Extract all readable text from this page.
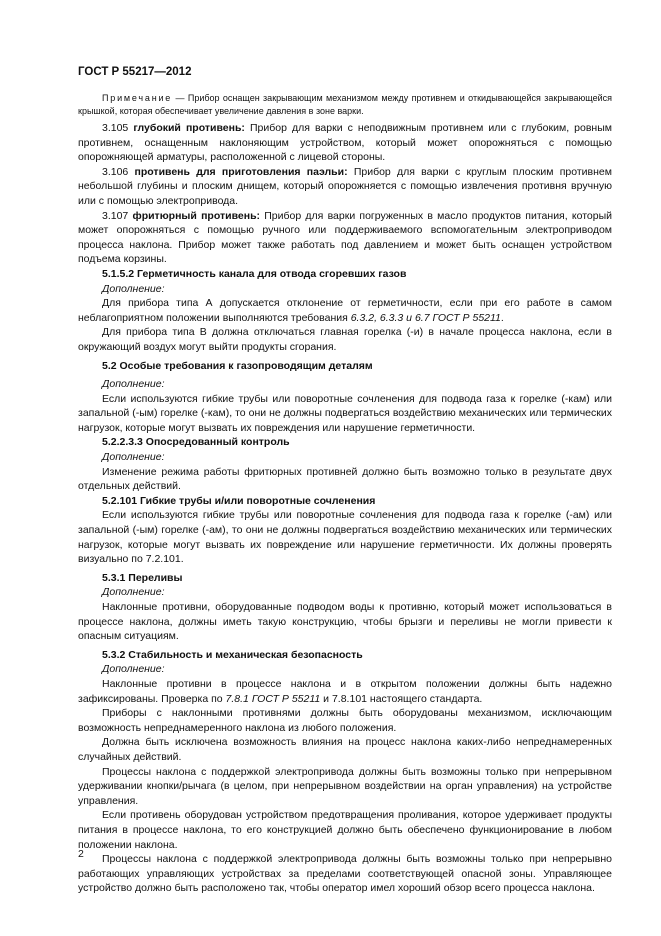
ГОСТ Р 55217—2012

Примечание — Прибор оснащен закрывающим механизмом между противнем и откидывающейся закрывающейся крышкой, которая обеспечивает увеличение давления в зоне варки.

3.105 глубокий противень: Прибор для варки с неподвижным противнем или с глубоким, ровным противнем, оснащенным наклоняющим устройством, который может опорожняться с помощью опорожняющей арматуры, расположенной с лицевой стороны.

3.106 противень для приготовления паэльи: Прибор для варки с круглым плоским противнем небольшой глубины и плоским днищем, который опорожняется с помощью извлечения противня вручную или с помощью электропривода.

3.107 фритюрный противень: Прибор для варки погруженных в масло продуктов питания, который может опорожняться с помощью ручного или поддерживаемого вспомогательным электроприводом процесса наклона. Прибор может также работать под давлением и может быть оснащен устройством подъема корзины.

5.1.5.2 Герметичность канала для отвода сгоревших газов

Дополнение:

Для прибора типа А допускается отклонение от герметичности, если при его работе в самом неблагоприятном положении выполняются требования 6.3.2, 6.3.3 и 6.7 ГОСТ Р 55211.

Для прибора типа В должна отключаться главная горелка (-и) в начале процесса наклона, если в окружающий воздух могут выйти продукты сгорания.

5.2 Особые требования к газопроводящим деталям

Дополнение:

Если используются гибкие трубы или поворотные сочленения для подвода газа к горелке (-кам) или запальной (-ым) горелке (-кам), то они не должны подвергаться воздействию механических или термических нагрузок, которые могут вызвать их повреждения или нарушение герметичности.

5.2.2.3.3 Опосредованный контроль

Дополнение:

Изменение режима работы фритюрных противней должно быть возможно только в результате двух отдельных действий.

5.2.101 Гибкие трубы и/или поворотные сочленения

Если используются гибкие трубы или поворотные сочленения для подвода газа к горелке (-ам) или запальной (-ым) горелке (-ам), то они не должны подвергаться воздействию механических или термических нагрузок, которые могут вызвать их повреждение или нарушение герметичности. Их должны проверять визуально по 7.2.101.

5.3.1 Переливы

Дополнение:

Наклонные противни, оборудованные подводом воды к противню, который может использоваться в процессе наклона, должны иметь такую конструкцию, чтобы брызги и переливы не могли привести к опасным ситуациям.

5.3.2 Стабильность и механическая безопасность

Дополнение:

Наклонные противни в процессе наклона и в открытом положении должны быть надежно зафиксированы. Проверка по 7.8.1 ГОСТ Р 55211 и 7.8.101 настоящего стандарта.

Приборы с наклонными противнями должны быть оборудованы механизмом, исключающим возможность непреднамеренного наклона из любого положения.

Должна быть исключена возможность влияния на процесс наклона каких-либо непреднамеренных случайных действий.

Процессы наклона с поддержкой электропривода должны быть возможны только при непрерывном удерживании кнопки/рычага (в целом, при непрерывном воздействии на орган управления) на устройстве управления.

Если противень оборудован устройством предотвращения проливания, которое удерживает продукты питания в процессе наклона, то его конструкцией должно быть обеспечено функционирование в любом положении наклона.

Процессы наклона с поддержкой электропривода должны быть возможны только при непрерывно работающих управляющих устройствах за пределами соответствующей опасной зоны. Управляющее устройство должно быть расположено так, чтобы оператор имел хороший обзор всего процесса наклона.

2
